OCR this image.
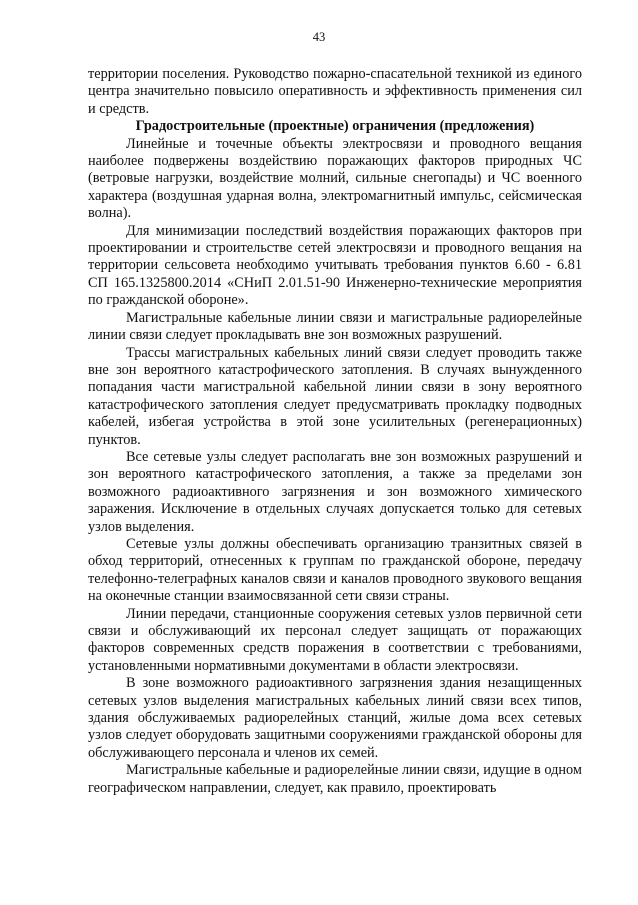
43

территории поселения. Руководство пожарно-спасательной техникой из единого центра значительно повысило оперативность и эффективность применения сил и средств.

Градостроительные (проектные) ограничения (предложения)

Линейные и точечные объекты электросвязи и проводного вещания наиболее подвержены воздействию поражающих факторов природных ЧС (ветровые нагрузки, воздействие молний, сильные снегопады) и ЧС военного характера (воздушная ударная волна, электромагнитный импульс, сейсмическая волна).

Для минимизации последствий воздействия поражающих факторов при проектировании и строительстве сетей электросвязи и проводного вещания на территории сельсовета необходимо учитывать требования пунктов 6.60 - 6.81 СП 165.1325800.2014 «СНиП 2.01.51-90 Инженерно-технические мероприятия по гражданской обороне».

Магистральные кабельные линии связи и магистральные радиорелейные линии связи следует прокладывать вне зон возможных разрушений.

Трассы магистральных кабельных линий связи следует проводить также вне зон вероятного катастрофического затопления. В случаях вынужденного попадания части магистральной кабельной линии связи в зону вероятного катастрофического затопления следует предусматривать прокладку подводных кабелей, избегая устройства в этой зоне усилительных (регенерационных) пунктов.

Все сетевые узлы следует располагать вне зон возможных разрушений и зон вероятного катастрофического затопления, а также за пределами зон возможного радиоактивного загрязнения и зон возможного химического заражения. Исключение в отдельных случаях допускается только для сетевых узлов выделения.

Сетевые узлы должны обеспечивать организацию транзитных связей в обход территорий, отнесенных к группам по гражданской обороне, передачу телефонно-телеграфных каналов связи и каналов проводного звукового вещания на оконечные станции взаимосвязанной сети связи страны.

Линии передачи, станционные сооружения сетевых узлов первичной сети связи и обслуживающий их персонал следует защищать от поражающих факторов современных средств поражения в соответствии с требованиями, установленными нормативными документами в области электросвязи.

В зоне возможного радиоактивного загрязнения здания незащищенных сетевых узлов выделения магистральных кабельных линий связи всех типов, здания обслуживаемых радиорелейных станций, жилые дома всех сетевых узлов следует оборудовать защитными сооружениями гражданской обороны для обслуживающего персонала и членов их семей.

Магистральные кабельные и радиорелейные линии связи, идущие в одном географическом направлении, следует, как правило, проектировать
